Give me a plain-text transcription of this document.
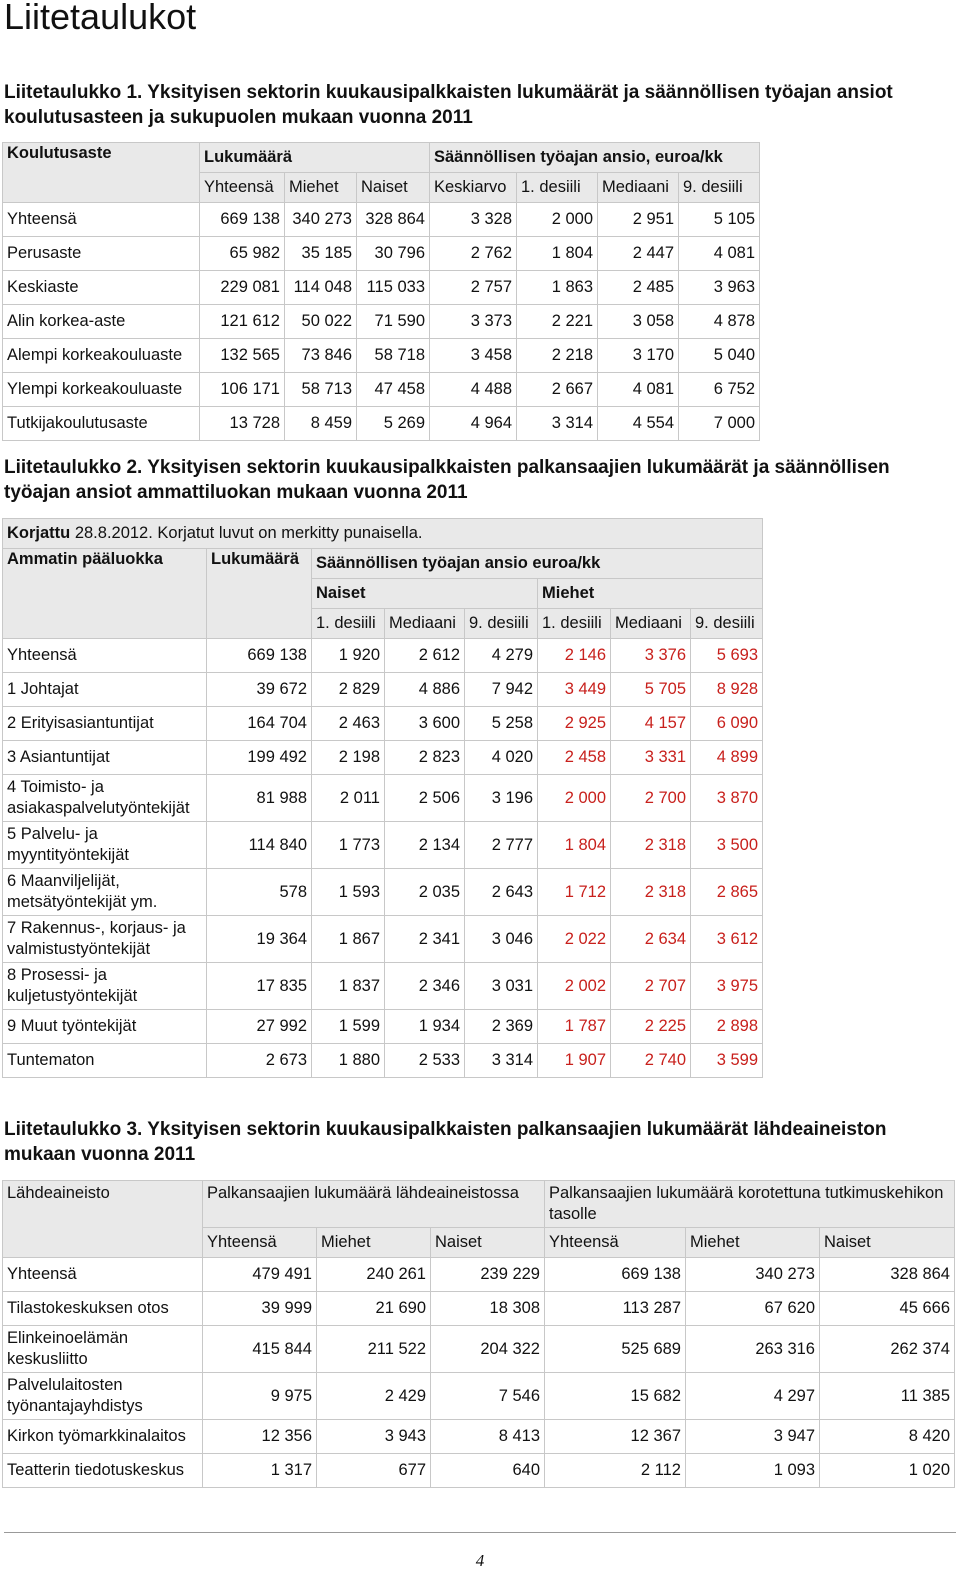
Liitetaulukot
Liitetaulukko 1. Yksityisen sektorin kuukausipalkkaisten lukumäärät ja säännöllisen työajan ansiot koulutusasteen ja sukupuolen mukaan vuonna 2011
Koulutusaste	Lukumäärä			Säännöllisen työajan ansio, euroa/kk			
	Yhteensä	Miehet	Naiset	Keskiarvo	1. desiili	Mediaani	9. desiili
Yhteensä	669 138	340 273	328 864	3 328	2 000	2 951	5 105
Perusaste	65 982	35 185	30 796	2 762	1 804	2 447	4 081
Keskiaste	229 081	114 048	115 033	2 757	1 863	2 485	3 963
Alin korkea-aste	121 612	50 022	71 590	3 373	2 221	3 058	4 878
Alempi korkeakouluaste	132 565	73 846	58 718	3 458	2 218	3 170	5 040
Ylempi korkeakouluaste	106 171	58 713	47 458	4 488	2 667	4 081	6 752
Tutkijakoulutusaste	13 728	8 459	5 269	4 964	3 314	4 554	7 000
Liitetaulukko 2. Yksityisen sektorin kuukausipalkkaisten palkansaajien lukumäärät ja säännöllisen työajan ansiot ammattiluokan mukaan vuonna 2011
Korjattu 28.8.2012. Korjatut luvut on merkitty punaisella.							
Ammatin pääluokka	Lukumäärä	Säännöllisen työajan ansio euroa/kk					
		Naiset			Miehet		
		1. desiili	Mediaani	9. desiili	1. desiili	Mediaani	9. desiili
Yhteensä	669 138	1 920	2 612	4 279	2 146	3 376	5 693
1 Johtajat	39 672	2 829	4 886	7 942	3 449	5 705	8 928
2 Erityisasiantuntijat	164 704	2 463	3 600	5 258	2 925	4 157	6 090
3 Asiantuntijat	199 492	2 198	2 823	4 020	2 458	3 331	4 899
4 Toimisto- ja asiakaspalvelutyöntekijät	81 988	2 011	2 506	3 196	2 000	2 700	3 870
5 Palvelu- ja myyntityöntekijät	114 840	1 773	2 134	2 777	1 804	2 318	3 500
6 Maanviljelijät, metsätyöntekijät ym.	578	1 593	2 035	2 643	1 712	2 318	2 865
7 Rakennus-, korjaus- ja valmistustyöntekijät	19 364	1 867	2 341	3 046	2 022	2 634	3 612
8 Prosessi- ja kuljetustyöntekijät	17 835	1 837	2 346	3 031	2 002	2 707	3 975
9 Muut työntekijät	27 992	1 599	1 934	2 369	1 787	2 225	2 898
Tuntematon	2 673	1 880	2 533	3 314	1 907	2 740	3 599
Liitetaulukko 3. Yksityisen sektorin kuukausipalkkaisten palkansaajien lukumäärät lähdeaineiston mukaan vuonna 2011
Lähdeaineisto	Palkansaajien lukumäärä lähdeaineistossa			Palkansaajien lukumäärä korotettuna tutkimuskehikon tasolle		
	Yhteensä	Miehet	Naiset	Yhteensä	Miehet	Naiset
Yhteensä	479 491	240 261	239 229	669 138	340 273	328 864
Tilastokeskuksen otos	39 999	21 690	18 308	113 287	67 620	45 666
Elinkeinoelämän keskusliitto	415 844	211 522	204 322	525 689	263 316	262 374
Palvelulaitosten työnantajayhdistys	9 975	2 429	7 546	15 682	4 297	11 385
Kirkon työmarkkinalaitos	12 356	3 943	8 413	12 367	3 947	8 420
Teatterin tiedotuskeskus	1 317	677	640	2 112	1 093	1 020
4
